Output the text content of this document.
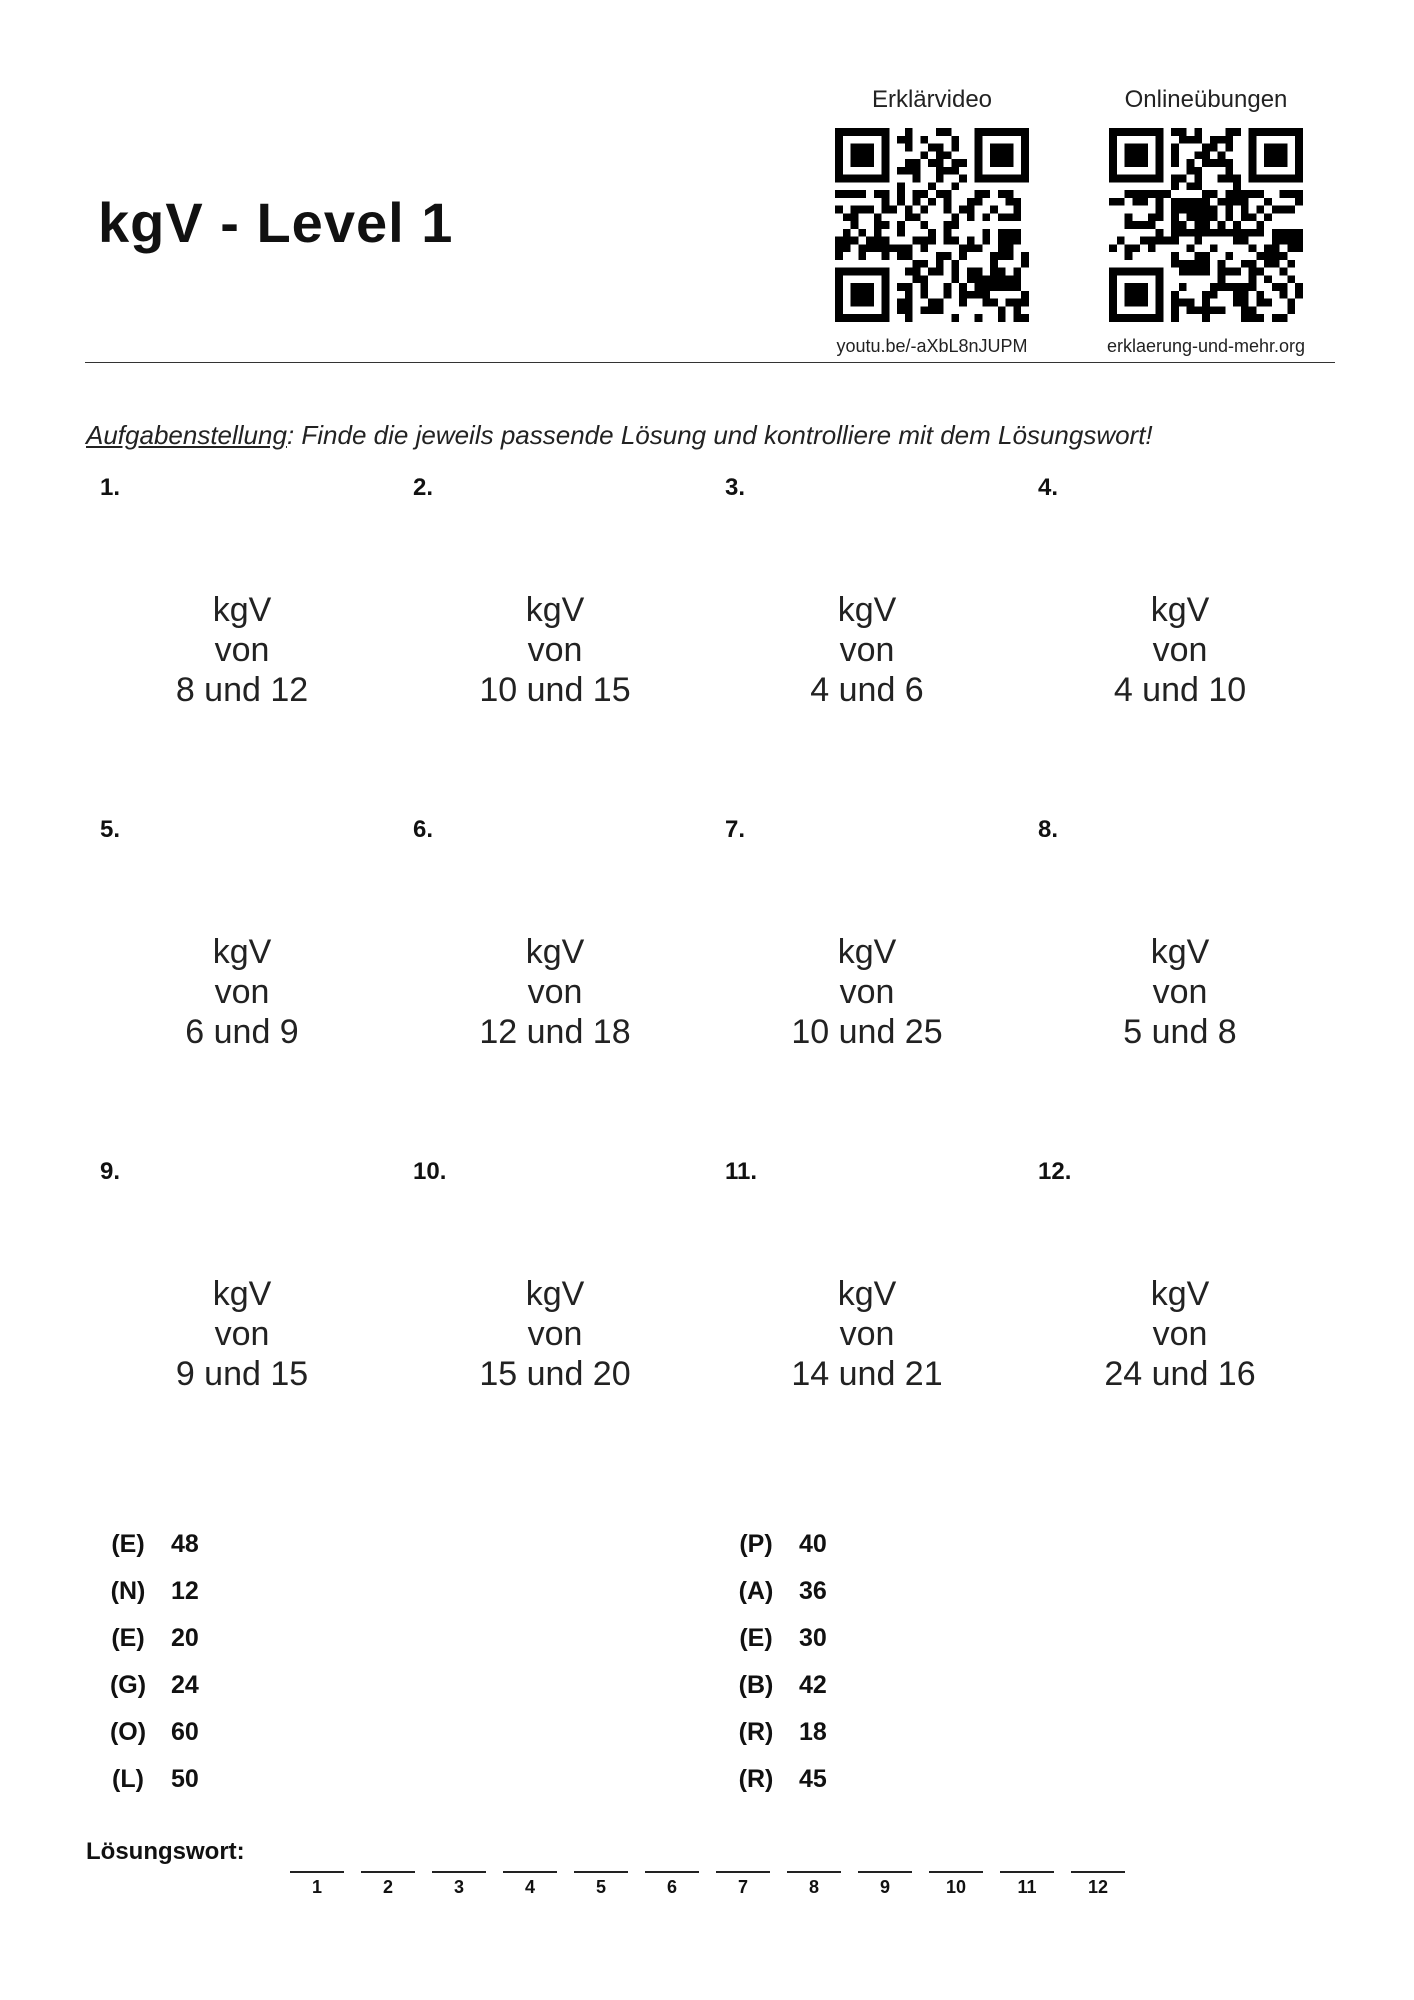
kgV - Level 1
Erklärvideo
youtu.be/-aXbL8nJUPM
Onlineübungen
erklaerung-und-mehr.org
Aufgabenstellung: Finde die jeweils passende Lösung und kontrolliere mit dem Lösungswort!
1.
kgV
von
8 und 12
2.
kgV
von
10 und 15
3.
kgV
von
4 und 6
4.
kgV
von
4 und 10
5.
kgV
von
6 und 9
6.
kgV
von
12 und 18
7.
kgV
von
10 und 25
8.
kgV
von
5 und 8
9.
kgV
von
9 und 15
10.
kgV
von
15 und 20
11.
kgV
von
14 und 21
12.
kgV
von
24 und 16
(E)	48
(N)	12
(E)	20
(G) 24
(O) 60
(L)	50
(P)	40
(A)	36
(E)	30
(B)	42
(R)	18
(R)	45
Lösungswort:
1	2	3	4	5	6	7	8	9	10	11	12
